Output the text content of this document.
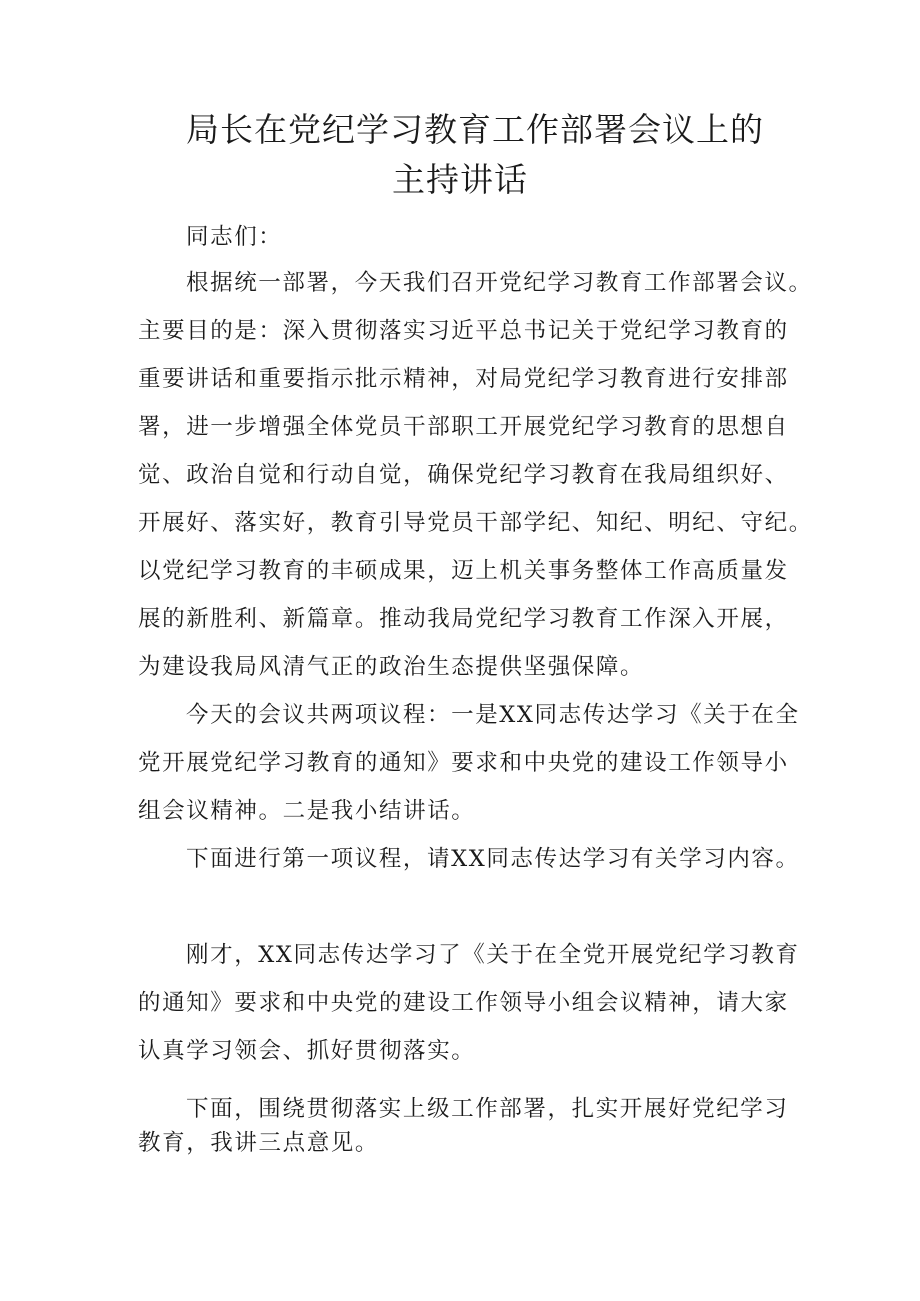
局长在党纪学习教育工作部署会议上的
主持讲话

同志们：

根据统一部署，今天我们召开党纪学习教育工作部署会议。

主要目的是：深入贯彻落实习近平总书记关于党纪学习教育的

重要讲话和重要指示批示精神，对局党纪学习教育进行安排部

署，进一步增强全体党员干部职工开展党纪学习教育的思想自

觉、政治自觉和行动自觉，确保党纪学习教育在我局组织好、

开展好、落实好，教育引导党员干部学纪、知纪、明纪、守纪。

以党纪学习教育的丰硕成果，迈上机关事务整体工作高质量发

展的新胜利、新篇章。推动我局党纪学习教育工作深入开展，

为建设我局风清气正的政治生态提供坚强保障。

今天的会议共两项议程：一是XX同志传达学习《关于在全

党开展党纪学习教育的通知》要求和中央党的建设工作领导小

组会议精神。二是我小结讲话。

下面进行第一项议程，请XX同志传达学习有关学习内容。

刚才，XX同志传达学习了《关于在全党开展党纪学习教育

的通知》要求和中央党的建设工作领导小组会议精神，请大家

认真学习领会、抓好贯彻落实。

下面，围绕贯彻落实上级工作部署，扎实开展好党纪学习

教育，我讲三点意见。
